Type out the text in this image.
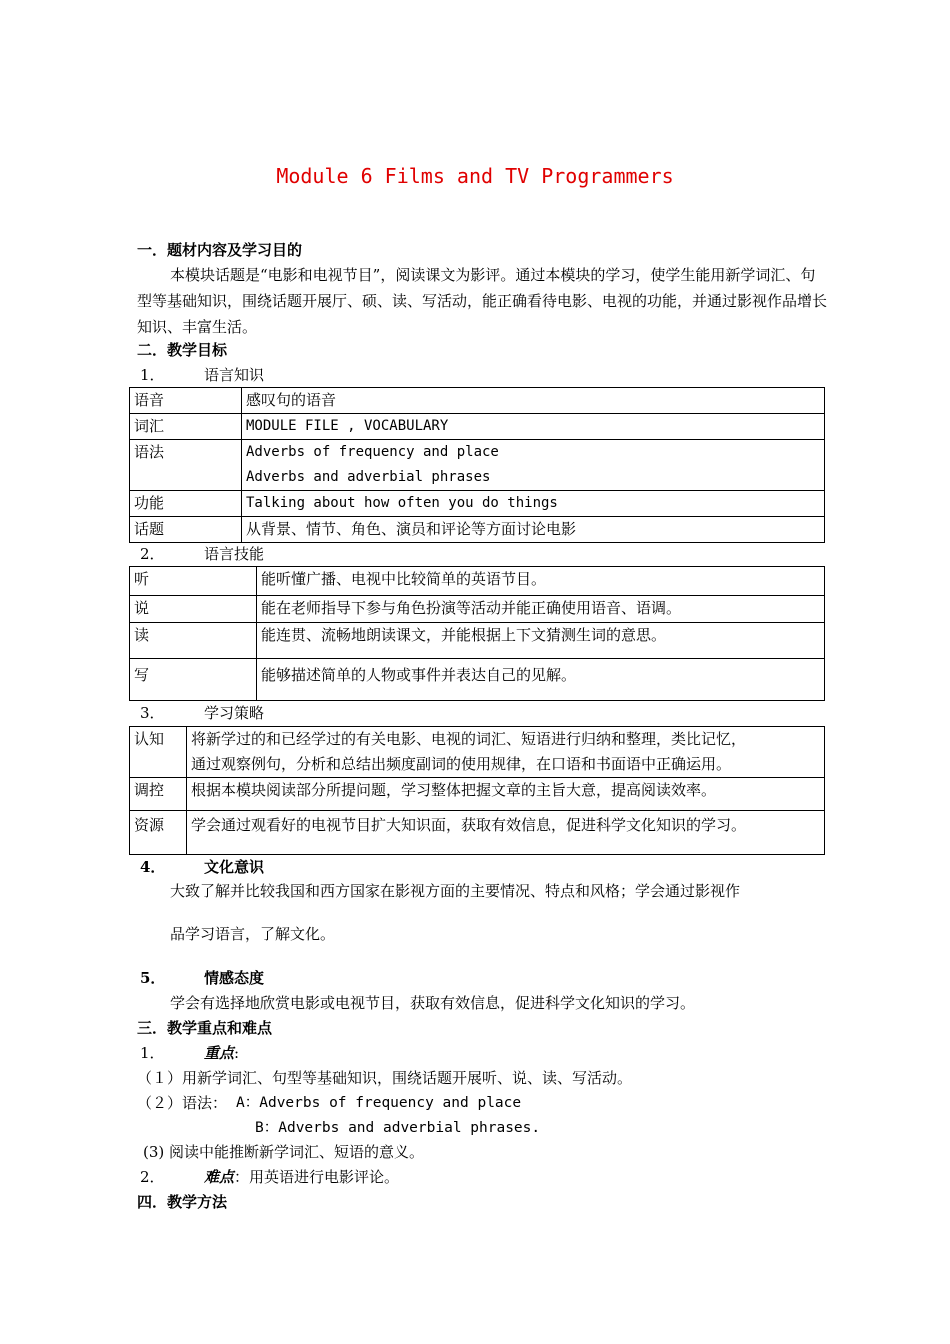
Module 6 Films and TV Programmers
一．题材内容及学习目的
本模块话题是“电影和电视节目”，阅读课文为影评。通过本模块的学习，使学生能用新学词汇、句型等基础知识，围绕话题开展厅、硕、读、写活动，能正确看待电影、电视的功能，并通过影视作品增长知识、丰富生活。
二．教学目标
1．	语言知识
语音	感叹句的语音
词汇	MODULE FILE , VOCABULARY
语法	Adverbs of frequency and place
Adverbs and adverbial phrases

功能	Talking about how often you do things
话题	从背景、情节、角色、演员和评论等方面讨论电影
2．	语言技能
听	能听懂广播、电视中比较简单的英语节目。
说	能在老师指导下参与角色扮演等活动并能正确使用语音、语调。
读	能连贯、流畅地朗读课文，并能根据上下文猜测生词的意思。
写	能够描述简单的人物或事件并表达自己的见解。
3．	学习策略
认知	将新学过的和已经学过的有关电影、电视的词汇、短语进行归纳和整理，类比记忆，
通过观察例句，分析和总结出频度副词的使用规律，在口语和书面语中正确运用。

调控	根据本模块阅读部分所提问题，学习整体把握文章的主旨大意，提高阅读效率。
资源	学会通过观看好的电视节目扩大知识面，获取有效信息，促进科学文化知识的学习。
4．	文化意识
大致了解并比较我国和西方国家在影视方面的主要情况、特点和风格；学会通过影视作
品学习语言，了解文化。
5．	情感态度
学会有选择地欣赏电影或电视节目，获取有效信息，促进科学文化知识的学习。
三．教学重点和难点
1．	重点:
（１）用新学词汇、句型等基础知识，围绕话题开展听、说、读、写活动。
（２）语法： A：Adverbs of frequency and place
B：Adverbs and adverbial phrases.
(3) 阅读中能推断新学词汇、短语的意义。
2．	难点：用英语进行电影评论。
四．教学方法
